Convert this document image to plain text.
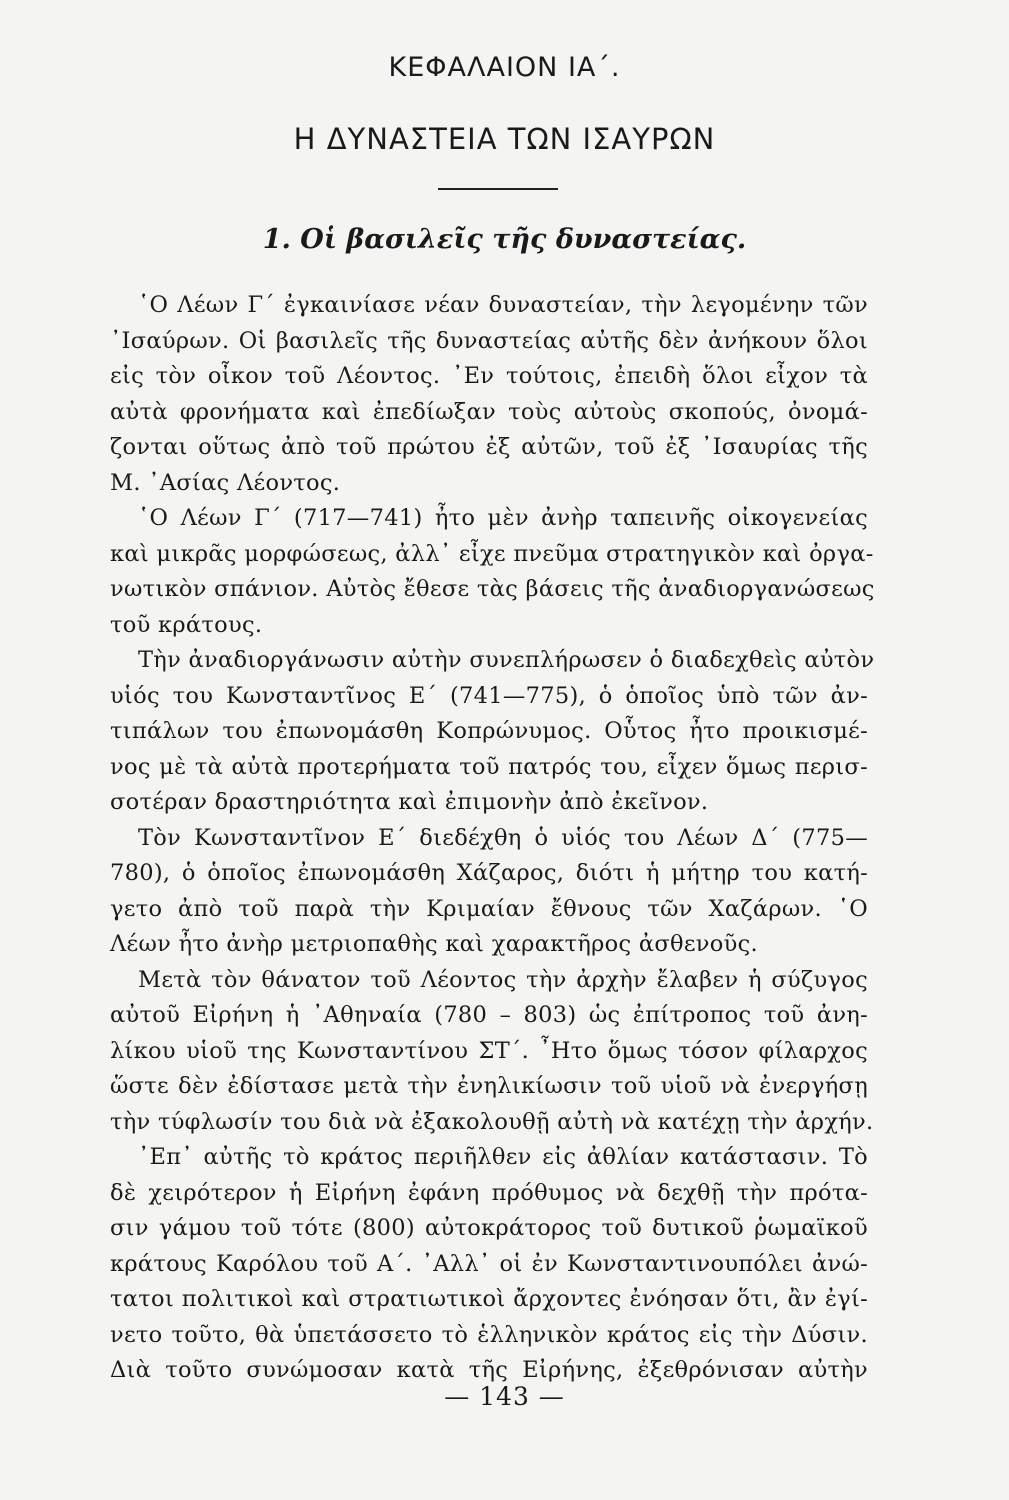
ΚΕΦΑΛΑΙΟΝ ΙΑ΄.
Η ΔΥΝΑΣΤΕΙΑ ΤΩΝ ΙΣΑΥΡΩΝ
1. Οἱ βασιλεῖς τῆς δυναστείας.
῾Ο Λέων Γ΄ ἐγκαινίασε νέαν δυναστείαν, τὴν λεγομένην τῶν
᾿Ισαύρων. Οἱ βασιλεῖς τῆς δυναστείας αὐτῆς δὲν ἀνήκουν ὅλοι
εἰς τὸν οἶκον τοῦ Λέοντος. ᾿Εν τούτοις, ἐπειδὴ ὅλοι εἶχον τὰ
αὐτὰ φρονήματα καὶ ἐπεδίωξαν τοὺς αὐτοὺς σκοπούς, ὀνομά-
ζονται οὕτως ἀπὸ τοῦ πρώτου ἐξ αὐτῶν, τοῦ ἐξ ᾿Ισαυρίας τῆς
Μ. ᾿Ασίας Λέοντος.
῾Ο Λέων Γ΄ (717—741) ἦτο μὲν ἀνὴρ ταπεινῆς οἰκογενείας
καὶ μικρᾶς μορφώσεως, ἀλλ᾿ εἶχε πνεῦμα στρατηγικὸν καὶ ὀργα-
νωτικὸν σπάνιον. Αὐτὸς ἔθεσε τὰς βάσεις τῆς ἀναδιοργανώσεως
τοῦ κράτους.
Τὴν ἀναδιοργάνωσιν αὐτὴν συνεπλήρωσεν ὁ διαδεχθεὶς αὐτὸν
υἱός του Κωνσταντῖνος Ε΄ (741—775), ὁ ὁποῖος ὑπὸ τῶν ἀν-
τιπάλων του ἐπωνομάσθη Κοπρώνυμος. Οὗτος ἦτο προικισμέ-
νος μὲ τὰ αὐτὰ προτερήματα τοῦ πατρός του, εἶχεν ὅμως περισ-
σοτέραν δραστηριότητα καὶ ἐπιμονὴν ἀπὸ ἐκεῖνον.
Τὸν Κωνσταντῖνον Ε΄ διεδέχθη ὁ υἱός του Λέων Δ΄ (775—
780), ὁ ὁποῖος ἐπωνομάσθη Χάζαρος, διότι ἡ μήτηρ του κατή-
γετο ἀπὸ τοῦ παρὰ τὴν Κριμαίαν ἔθνους τῶν Χαζάρων. ῾Ο
Λέων ἦτο ἀνὴρ μετριοπαθὴς καὶ χαρακτῆρος ἀσθενοῦς.
Μετὰ τὸν θάνατον τοῦ Λέοντος τὴν ἀρχὴν ἔλαβεν ἡ σύζυγος
αὐτοῦ Εἰρήνη ἡ ᾿Αθηναία (780 – 803) ὡς ἐπίτροπος τοῦ ἀνη-
λίκου υἱοῦ της Κωνσταντίνου ΣΤ΄. ῏Ητο ὅμως τόσον φίλαρχος
ὥστε δὲν ἐδίστασε μετὰ τὴν ἐνηλικίωσιν τοῦ υἱοῦ νὰ ἐνεργήσῃ
τὴν τύφλωσίν του διὰ νὰ ἐξακολουθῇ αὐτὴ νὰ κατέχῃ τὴν ἀρχήν.
᾿Επ᾿ αὐτῆς τὸ κράτος περιῆλθεν εἰς ἀθλίαν κατάστασιν. Τὸ
δὲ χειρότερον ἡ Εἰρήνη ἐφάνη πρόθυμος νὰ δεχθῇ τὴν πρότα-
σιν γάμου τοῦ τότε (800) αὐτοκράτορος τοῦ δυτικοῦ ῥωμαϊκοῦ
κράτους Καρόλου τοῦ Α΄. ᾿Αλλ᾿ οἱ ἐν Κωνσταντινουπόλει ἀνώ-
τατοι πολιτικοὶ καὶ στρατιωτικοὶ ἄρχοντες ἐνόησαν ὅτι, ἂν ἐγί-
νετο τοῦτο, θὰ ὑπετάσσετο τὸ ἑλληνικὸν κράτος εἰς τὴν Δύσιν.
Διὰ τοῦτο συνώμοσαν κατὰ τῆς Εἰρήνης, ἐξεθρόνισαν αὐτὴν
— 143 —
